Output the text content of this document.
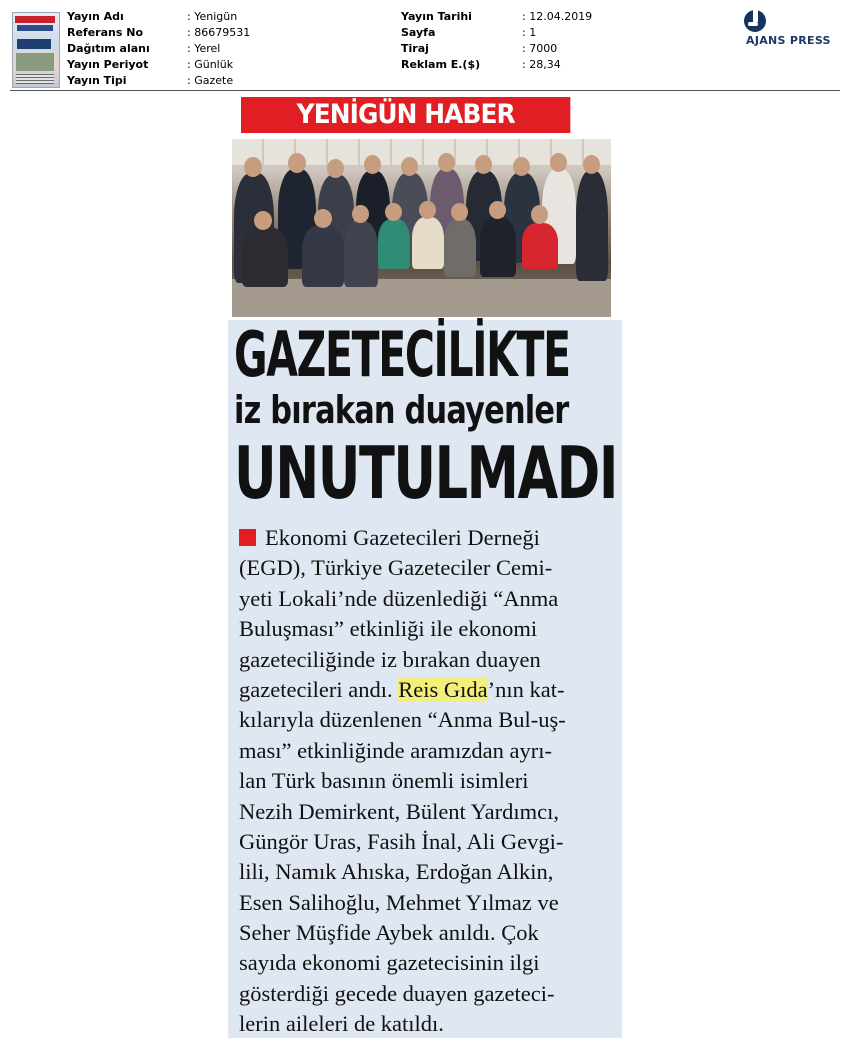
Yayın Adı	: Yenigün
Referans No	: 86679531
Dağıtım alanı	: Yerel
Yayın Periyot	: Günlük
Yayın Tipi	: Gazete
Yayın Tarihi	: 12.04.2019
Sayfa	: 1
Tiraj	: 7000
Reklam E.($)	: 28,34
AJANS PRESS
YENİGÜN HABER
GAZETECİLİKTE
iz bırakan duayenler
UNUTULMADI
Ekonomi Gazetecileri Derneği
(EGD), Türkiye Gazeteciler Cemi-
yeti Lokali’nde düzenlediği “Anma
Buluşması” etkinliği ile ekonomi
gazeteciliğinde iz bırakan duayen
gazetecileri andı. Reis Gıda’nın kat-
kılarıyla düzenlenen “Anma Bul-uş-
ması” etkinliğinde aramızdan ayrı-
lan Türk basının önemli isimleri
Nezih Demirkent, Bülent Yardımcı,
Güngör Uras, Fasih İnal, Ali Gevgi-
lili, Namık Ahıska, Erdoğan Alkin,
Esen Salihoğlu, Mehmet Yılmaz ve
Seher Müşfide Aybek anıldı. Çok
sayıda ekonomi gazetecisinin ilgi
gösterdiği gecede duayen gazeteci-
lerin aileleri de katıldı.
